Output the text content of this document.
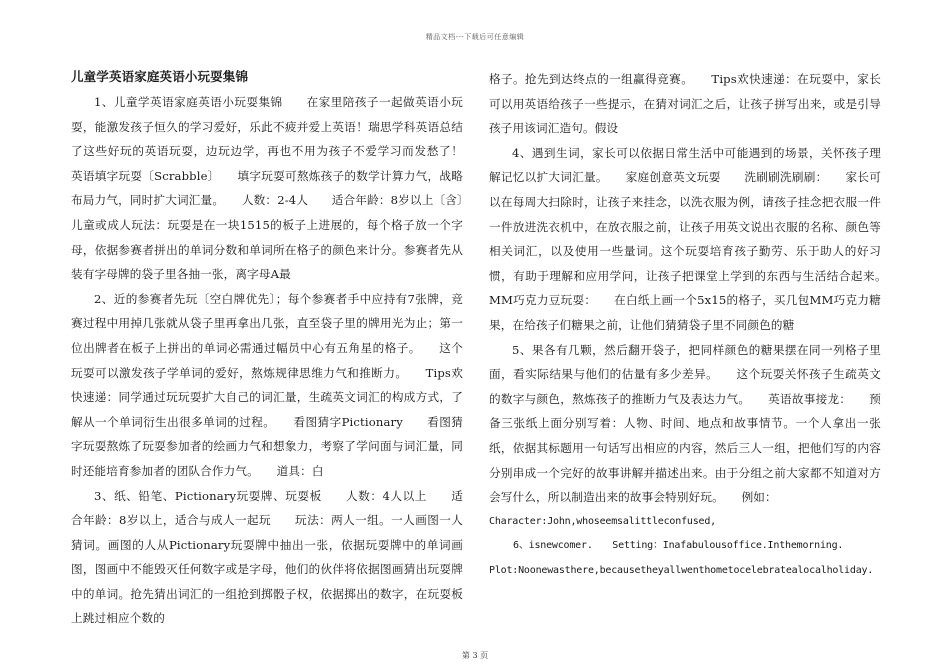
精品文档---下载后可任意编辑
儿童学英语家庭英语小玩耍集锦

1、儿童学英语家庭英语小玩耍集锦　　在家里陪孩子一起做英语小玩耍，能激发孩子恒久的学习爱好，乐此不疲并爱上英语！瑞思学科英语总结了这些好玩的英语玩耍，边玩边学，再也不用为孩子不爱学习而发愁了！　　英语填字玩耍〔Scrabble〕　　填字玩耍可熬炼孩子的数学计算力气，战略布局力气，同时扩大词汇量。　　人数：2-4人　　适合年龄：8岁以上〔含〕儿童或成人玩法：玩耍是在一块1515的板子上进展的，每个格子放一个字母，依据参赛者拼出的单词分数和单词所在格子的颜色来计分。参赛者先从装有字母牌的袋子里各抽一张，离字母A最

2、近的参赛者先玩〔空白牌优先〕；每个参赛者手中应持有7张牌，竞赛过程中用掉几张就从袋子里再拿出几张，直至袋子里的牌用光为止；第一位出牌者在板子上拼出的单词必需通过幅员中心有五角星的格子。　　这个玩耍可以激发孩子学单词的爱好，熬炼规律思维力气和推断力。　　Tips欢快速递：同学通过玩玩耍扩大自己的词汇量，生疏英文词汇的构成方式，了解从一个单词衍生出很多单词的过程。　　看图猜字Pictionary　　看图猜字玩耍熬炼了玩耍参加者的绘画力气和想象力，考察了学问面与词汇量，同时还能培育参加者的团队合作力气。　　道具：白

3、纸、铅笔、Pictionary玩耍牌、玩耍板　　人数：4人以上　　适合年龄：8岁以上，适合与成人一起玩　　玩法：两人一组。一人画图一人猜词。画图的人从Pictionary玩耍牌中抽出一张，依据玩耍牌中的单词画图，图画中不能毁灭任何数字或是字母，他们的伙伴将依据图画猜出玩耍牌中的单词。抢先猜出词汇的一组抢到掷骰子权，依据掷出的数字，在玩耍板上跳过相应个数的

格子。抢先到达终点的一组赢得竞赛。　　Tips欢快速递：在玩耍中，家长可以用英语给孩子一些提示，在猜对词汇之后，让孩子拼写出来，或是引导孩子用该词汇造句。假设

4、遇到生词，家长可以依据日常生活中可能遇到的场景，关怀孩子理解记忆以扩大词汇量。　　家庭创意英文玩耍　　洗刷刷洗刷刷：　　家长可以在每周大扫除时，让孩子来挂念，以洗衣服为例，请孩子挂念把衣服一件一件放进洗衣机中，在放衣服之前，让孩子用英文说出衣服的名称、颜色等相关词汇，以及使用一些量词。这个玩耍培育孩子勤劳、乐于助人的好习惯，有助于理解和应用学问，让孩子把课堂上学到的东西与生活结合起来。　　MM巧克力豆玩耍：　　在白纸上画一个5x15的格子，买几包MM巧克力糖果，在给孩子们糖果之前，让他们猜猜袋子里不同颜色的糖

5、果各有几颗，然后翻开袋子，把同样颜色的糖果摆在同一列格子里面，看实际结果与他们的估量有多少差异。　　这个玩耍关怀孩子生疏英文的数字与颜色，熬炼孩子的推断力气及表达力气。　　英语故事接龙：　　预备三张纸上面分别写着：人物、时间、地点和故事情节。一个人拿出一张纸，依据其标题用一句话写出相应的内容，然后三人一组，把他们写的内容分别串成一个完好的故事讲解并描述出来。由于分组之前大家都不知道对方会写什么，所以制造出来的故事会特别好玩。　　例如：

Character:John,whoseemsalittleconfused,

6、isnewcomer.　　Setting：Inafabulousoffice.Inthemorning.

Plot:Noonewasthere,becausetheyallwenthometocelebratealocalholiday.

第 3 页
